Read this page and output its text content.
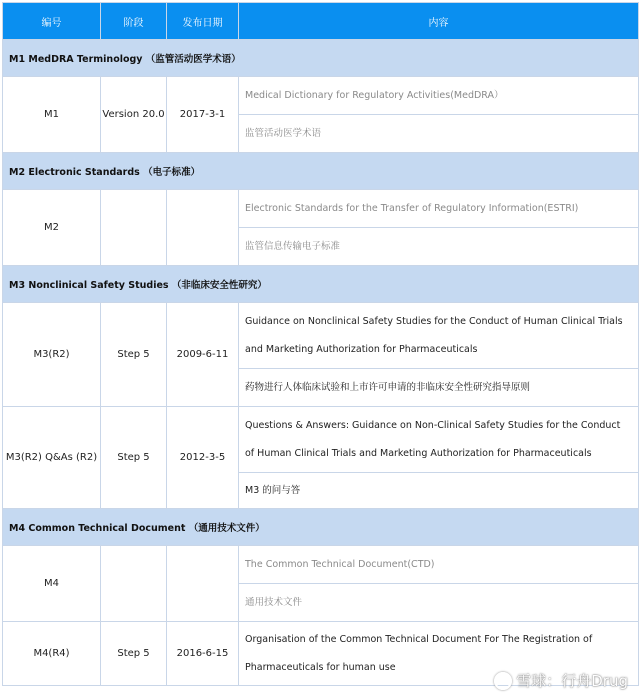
编号	阶段	发布日期	内容
M1 MedDRA Terminology （监管活动医学术语）			
M1	Version 20.0	2017-3-1	Medical Dictionary for Regulatory Activities(MedDRA）
			监管活动医学术语
M2 Electronic Standards （电子标准）			
M2			Electronic Standards for the Transfer of Regulatory Information(ESTRI)
			监管信息传输电子标准
M3 Nonclinical Safety Studies （非临床安全性研究）			
M3(R2)	Step 5	2009-6-11	Guidance on Nonclinical Safety Studies for the Conduct of Human Clinical Trials and Marketing Authorization for Pharmaceuticals
			药物进行人体临床试验和上市许可申请的非临床安全性研究指导原则
M3(R2) Q&As (R2)	Step 5	2012-3-5	Questions & Answers: Guidance on Non-Clinical Safety Studies for the Conduct of Human Clinical Trials and Marketing Authorization for Pharmaceuticals
			M3 的问与答
M4 Common Technical Document （通用技术文件）			
M4			The Common Technical Document(CTD)
			通用技术文件
M4(R4)	Step 5	2016-6-15	Organisation of the Common Technical Document For The Registration of Pharmaceuticals for human use
雪球：行舟Drug
